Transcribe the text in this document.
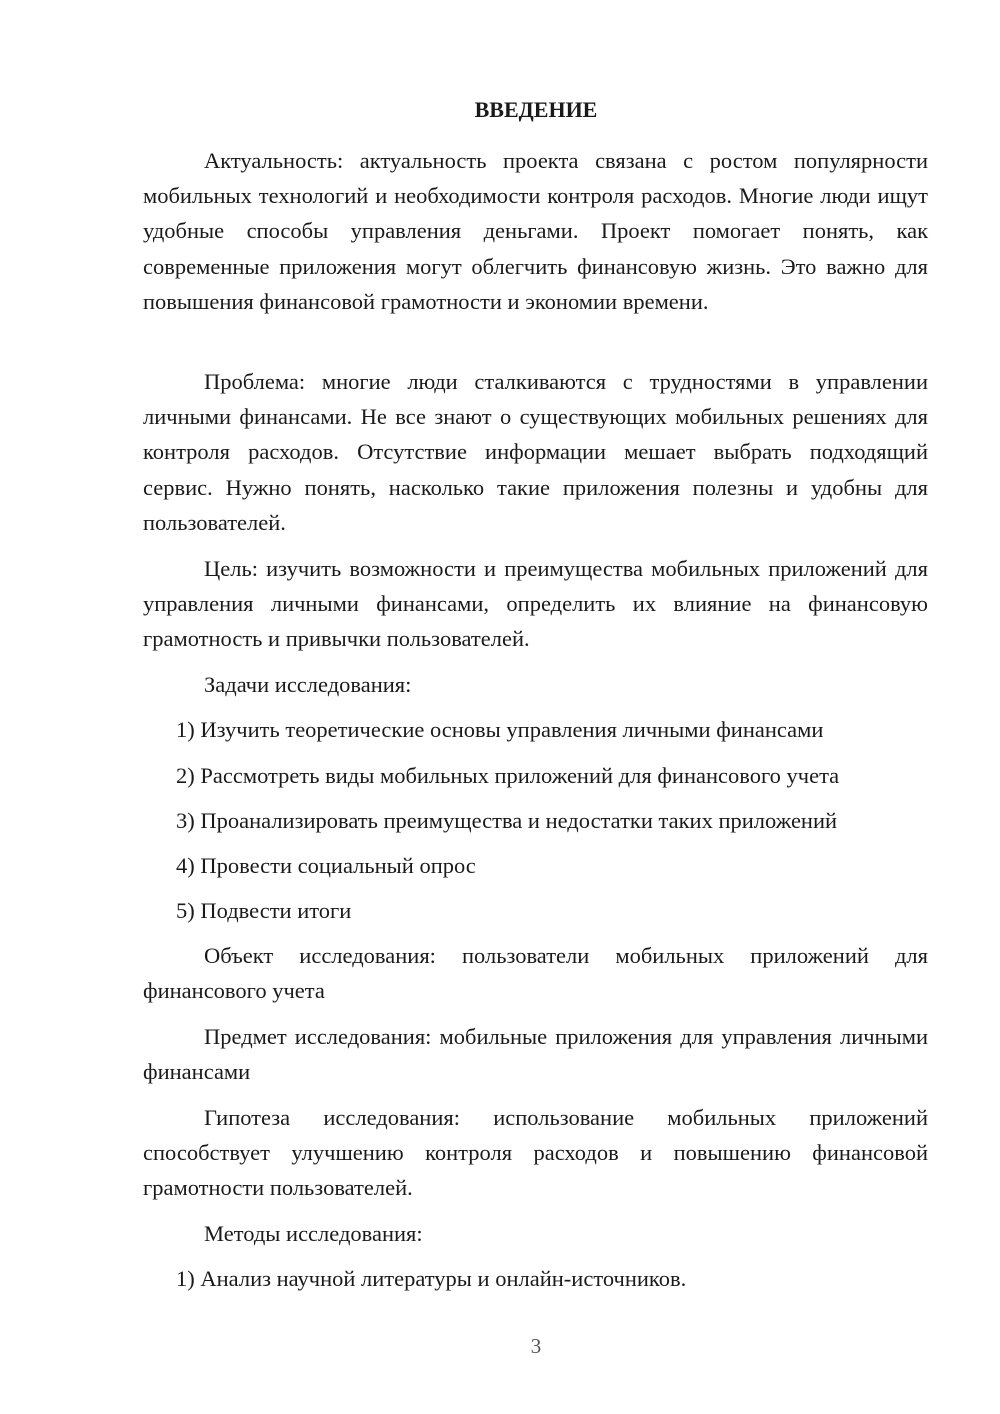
ВВЕДЕНИЕ

Актуальность: актуальность проекта связана с ростом популярности мобильных технологий и необходимости контроля расходов. Многие люди ищут удобные способы управления деньгами. Проект помогает понять, как современные приложения могут облегчить финансовую жизнь. Это важно для повышения финансовой грамотности и экономии времени.

Проблема: многие люди сталкиваются с трудностями в управлении личными финансами. Не все знают о существующих мобильных решениях для контроля расходов. Отсутствие информации мешает выбрать подходящий сервис. Нужно понять, насколько такие приложения полезны и удобны для пользователей.

Цель: изучить возможности и преимущества мобильных приложений для управления личными финансами, определить их влияние на финансовую грамотность и привычки пользователей.

Задачи исследования:
1) Изучить теоретические основы управления личными финансами
2) Рассмотреть виды мобильных приложений для финансового учета
3) Проанализировать преимущества и недостатки таких приложений
4) Провести социальный опрос
5) Подвести итоги

Объект исследования: пользователи мобильных приложений для финансового учета

Предмет исследования: мобильные приложения для управления личными финансами

Гипотеза исследования: использование мобильных приложений способствует улучшению контроля расходов и повышению финансовой грамотности пользователей.

Методы исследования:
1) Анализ научной литературы и онлайн-источников.
3
